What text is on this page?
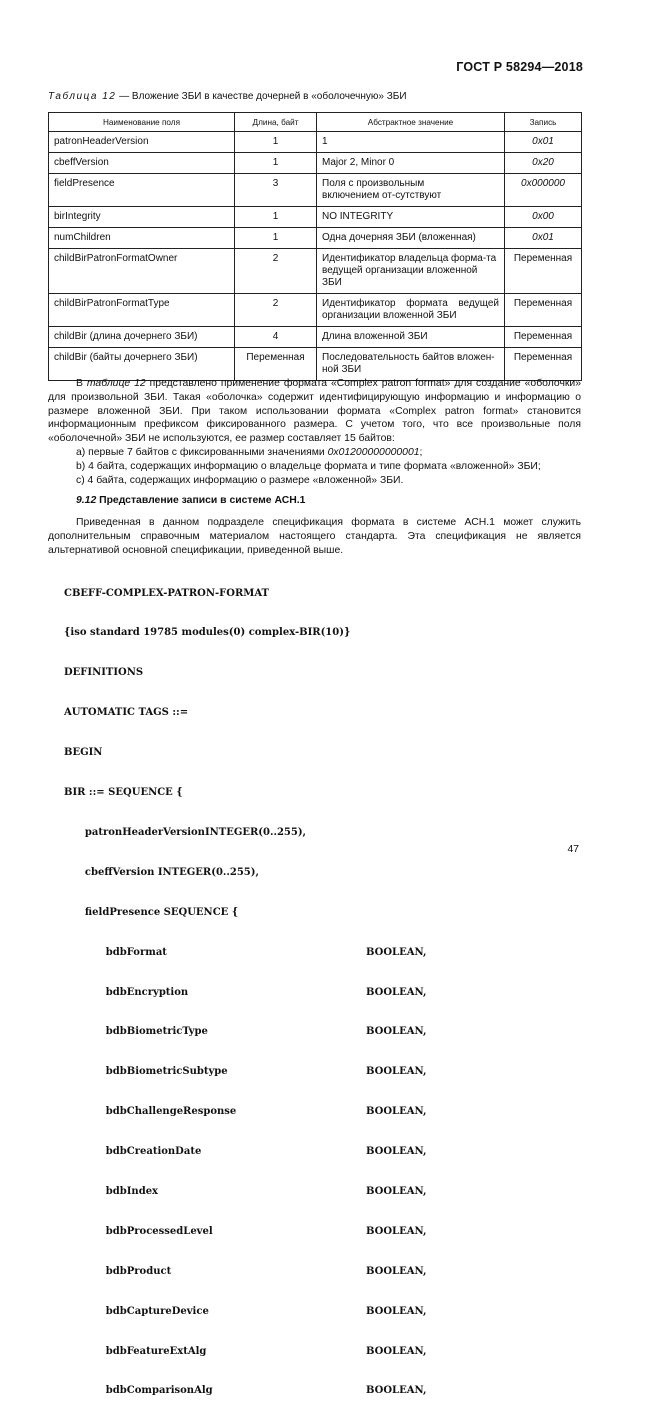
ГОСТ Р 58294—2018
Таблица 12 — Вложение ЗБИ в качестве дочерней в «оболочечную» ЗБИ
Наименование поля	Длина, байт	Абстрактное значение	Запись
patronHeaderVersion	1	1	0x01
cbeffVersion	1	Major 2, Minor 0	0x20
fieldPresence	3	Поля с произвольным включением от-сутствуют	0x000000
birIntegrity	1	NO INTEGRITY	0x00
numChildren	1	Одна дочерняя ЗБИ (вложенная)	0x01
childBirPatronFormatOwner	2	Идентификатор владельца форма-та ведущей организации вложенной ЗБИ	Переменная
childBirPatronFormatType	2	Идентификатор формата ведущей организации вложенной ЗБИ	Переменная
childBir (длина дочернего ЗБИ)	4	Длина вложенной ЗБИ	Переменная
childBir (байты дочернего ЗБИ)	Переменная	Последовательность байтов вложен-ной ЗБИ	Переменная

В таблице 12 представлено применение формата «Complex patron format» для создание «оболочки» для произвольной ЗБИ. Такая «оболочка» содержит идентифицирующую информацию и информацию о размере вложенной ЗБИ. При таком использовании формата «Complex patron format» становится информационным префиксом фиксированного размера. С учетом того, что все произвольные поля «оболочечной» ЗБИ не используются, ее размер составляет 15 байтов:

а) первые 7 байтов с фиксированными значениями 0x01200000000001;

b) 4 байта, содержащих информацию о владельце формата и типе формата «вложенной» ЗБИ;

с) 4 байта, содержащих информацию о размере «вложенной» ЗБИ.

9.12 Представление записи в системе АСН.1

Приведенная в данном подразделе спецификация формата в системе АСН.1 может служить дополнительным справочным материалом настоящего стандарта. Эта спецификация не является альтернативой основной спецификации, приведенной выше.

CBEFF-COMPLEX-PATRON-FORMAT

{iso standard 19785 modules(0) complex-BIR(10)}

DEFINITIONS

AUTOMATIC TAGS ::=

BEGIN

BIR ::= SEQUENCE {

patronHeaderVersionINTEGER(0..255),

cbeffVersion INTEGER(0..255),

fieldPresence SEQUENCE {

bdbFormat	BOOLEAN,

bdbEncryption	BOOLEAN,

bdbBiometricType	BOOLEAN,

bdbBiometricSubtype	BOOLEAN,

bdbChallengeResponse	BOOLEAN,

bdbCreationDate	BOOLEAN,

bdbIndex	BOOLEAN,

bdbProcessedLevel	BOOLEAN,

bdbProduct	BOOLEAN,

bdbCaptureDevice	BOOLEAN,

bdbFeatureExtAlg	BOOLEAN,

bdbComparisonAlg	BOOLEAN,

47
